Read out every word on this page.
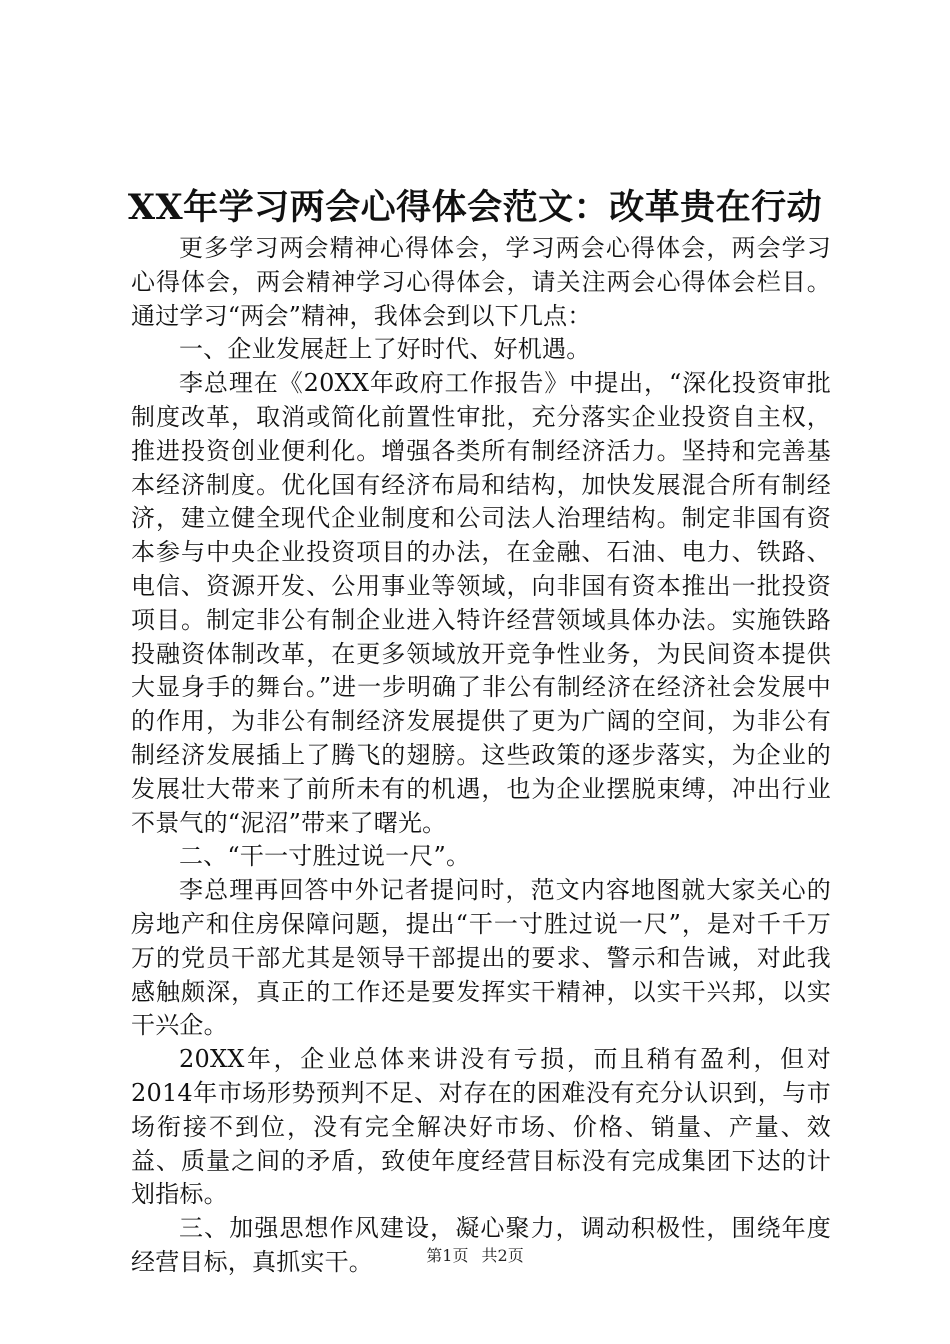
XX年学习两会心得体会范文：改革贵在行动

更多学习两会精神心得体会，学习两会心得体会，两会学习心得体会，两会精神学习心得体会，请关注两会心得体会栏目。通过学习“两会”精神，我体会到以下几点：

一、企业发展赶上了好时代、好机遇。

李总理在《20XX年政府工作报告》中提出，“深化投资审批制度改革，取消或简化前置性审批，充分落实企业投资自主权，推进投资创业便利化。增强各类所有制经济活力。坚持和完善基本经济制度。优化国有经济布局和结构，加快发展混合所有制经济，建立健全现代企业制度和公司法人治理结构。制定非国有资本参与中央企业投资项目的办法，在金融、石油、电力、铁路、电信、资源开发、公用事业等领域，向非国有资本推出一批投资项目。制定非公有制企业进入特许经营领域具体办法。实施铁路投融资体制改革，在更多领域放开竞争性业务，为民间资本提供大显身手的舞台。”进一步明确了非公有制经济在经济社会发展中的作用，为非公有制经济发展提供了更为广阔的空间，为非公有制经济发展插上了腾飞的翅膀。这些政策的逐步落实，为企业的发展壮大带来了前所未有的机遇，也为企业摆脱束缚，冲出行业不景气的“泥沼”带来了曙光。

二、“干一寸胜过说一尺”。

李总理再回答中外记者提问时，范文内容地图就大家关心的房地产和住房保障问题，提出“干一寸胜过说一尺”，是对千千万万的党员干部尤其是领导干部提出的要求、警示和告诫，对此我感触颇深，真正的工作还是要发挥实干精神，以实干兴邦，以实干兴企。

20XX年，企业总体来讲没有亏损，而且稍有盈利，但对2014年市场形势预判不足、对存在的困难没有充分认识到，与市场衔接不到位，没有完全解决好市场、价格、销量、产量、效益、质量之间的矛盾，致使年度经营目标没有完成集团下达的计划指标。

三、加强思想作风建设，凝心聚力，调动积极性，围绕年度经营目标，真抓实干。	第1页 共2页
